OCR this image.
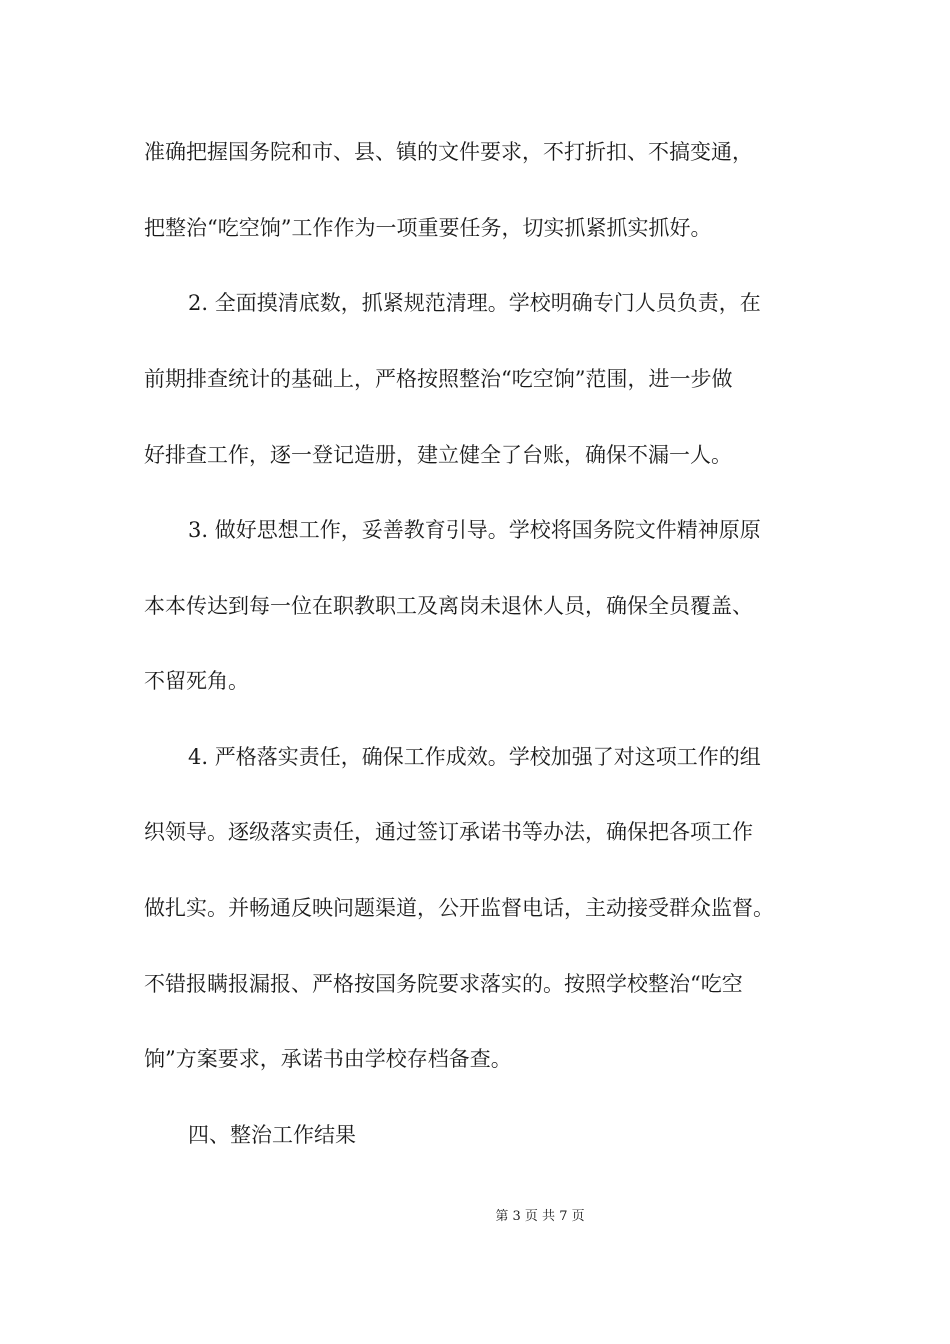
准确把握国务院和市、县、镇的文件要求，不打折扣、不搞变通，
把整治“吃空饷”工作作为一项重要任务，切实抓紧抓实抓好。
2. 全面摸清底数，抓紧规范清理。学校明确专门人员负责，在
前期排查统计的基础上，严格按照整治“吃空饷”范围，进一步做
好排查工作，逐一登记造册，建立健全了台账，确保不漏一人。
3. 做好思想工作，妥善教育引导。学校将国务院文件精神原原
本本传达到每一位在职教职工及离岗未退休人员，确保全员覆盖、
不留死角。
4. 严格落实责任，确保工作成效。学校加强了对这项工作的组
织领导。逐级落实责任，通过签订承诺书等办法，确保把各项工作
做扎实。并畅通反映问题渠道，公开监督电话，主动接受群众监督。
不错报瞒报漏报、严格按国务院要求落实的。按照学校整治“吃空
饷”方案要求，承诺书由学校存档备查。
四、整治工作结果
第 3 页 共 7 页
